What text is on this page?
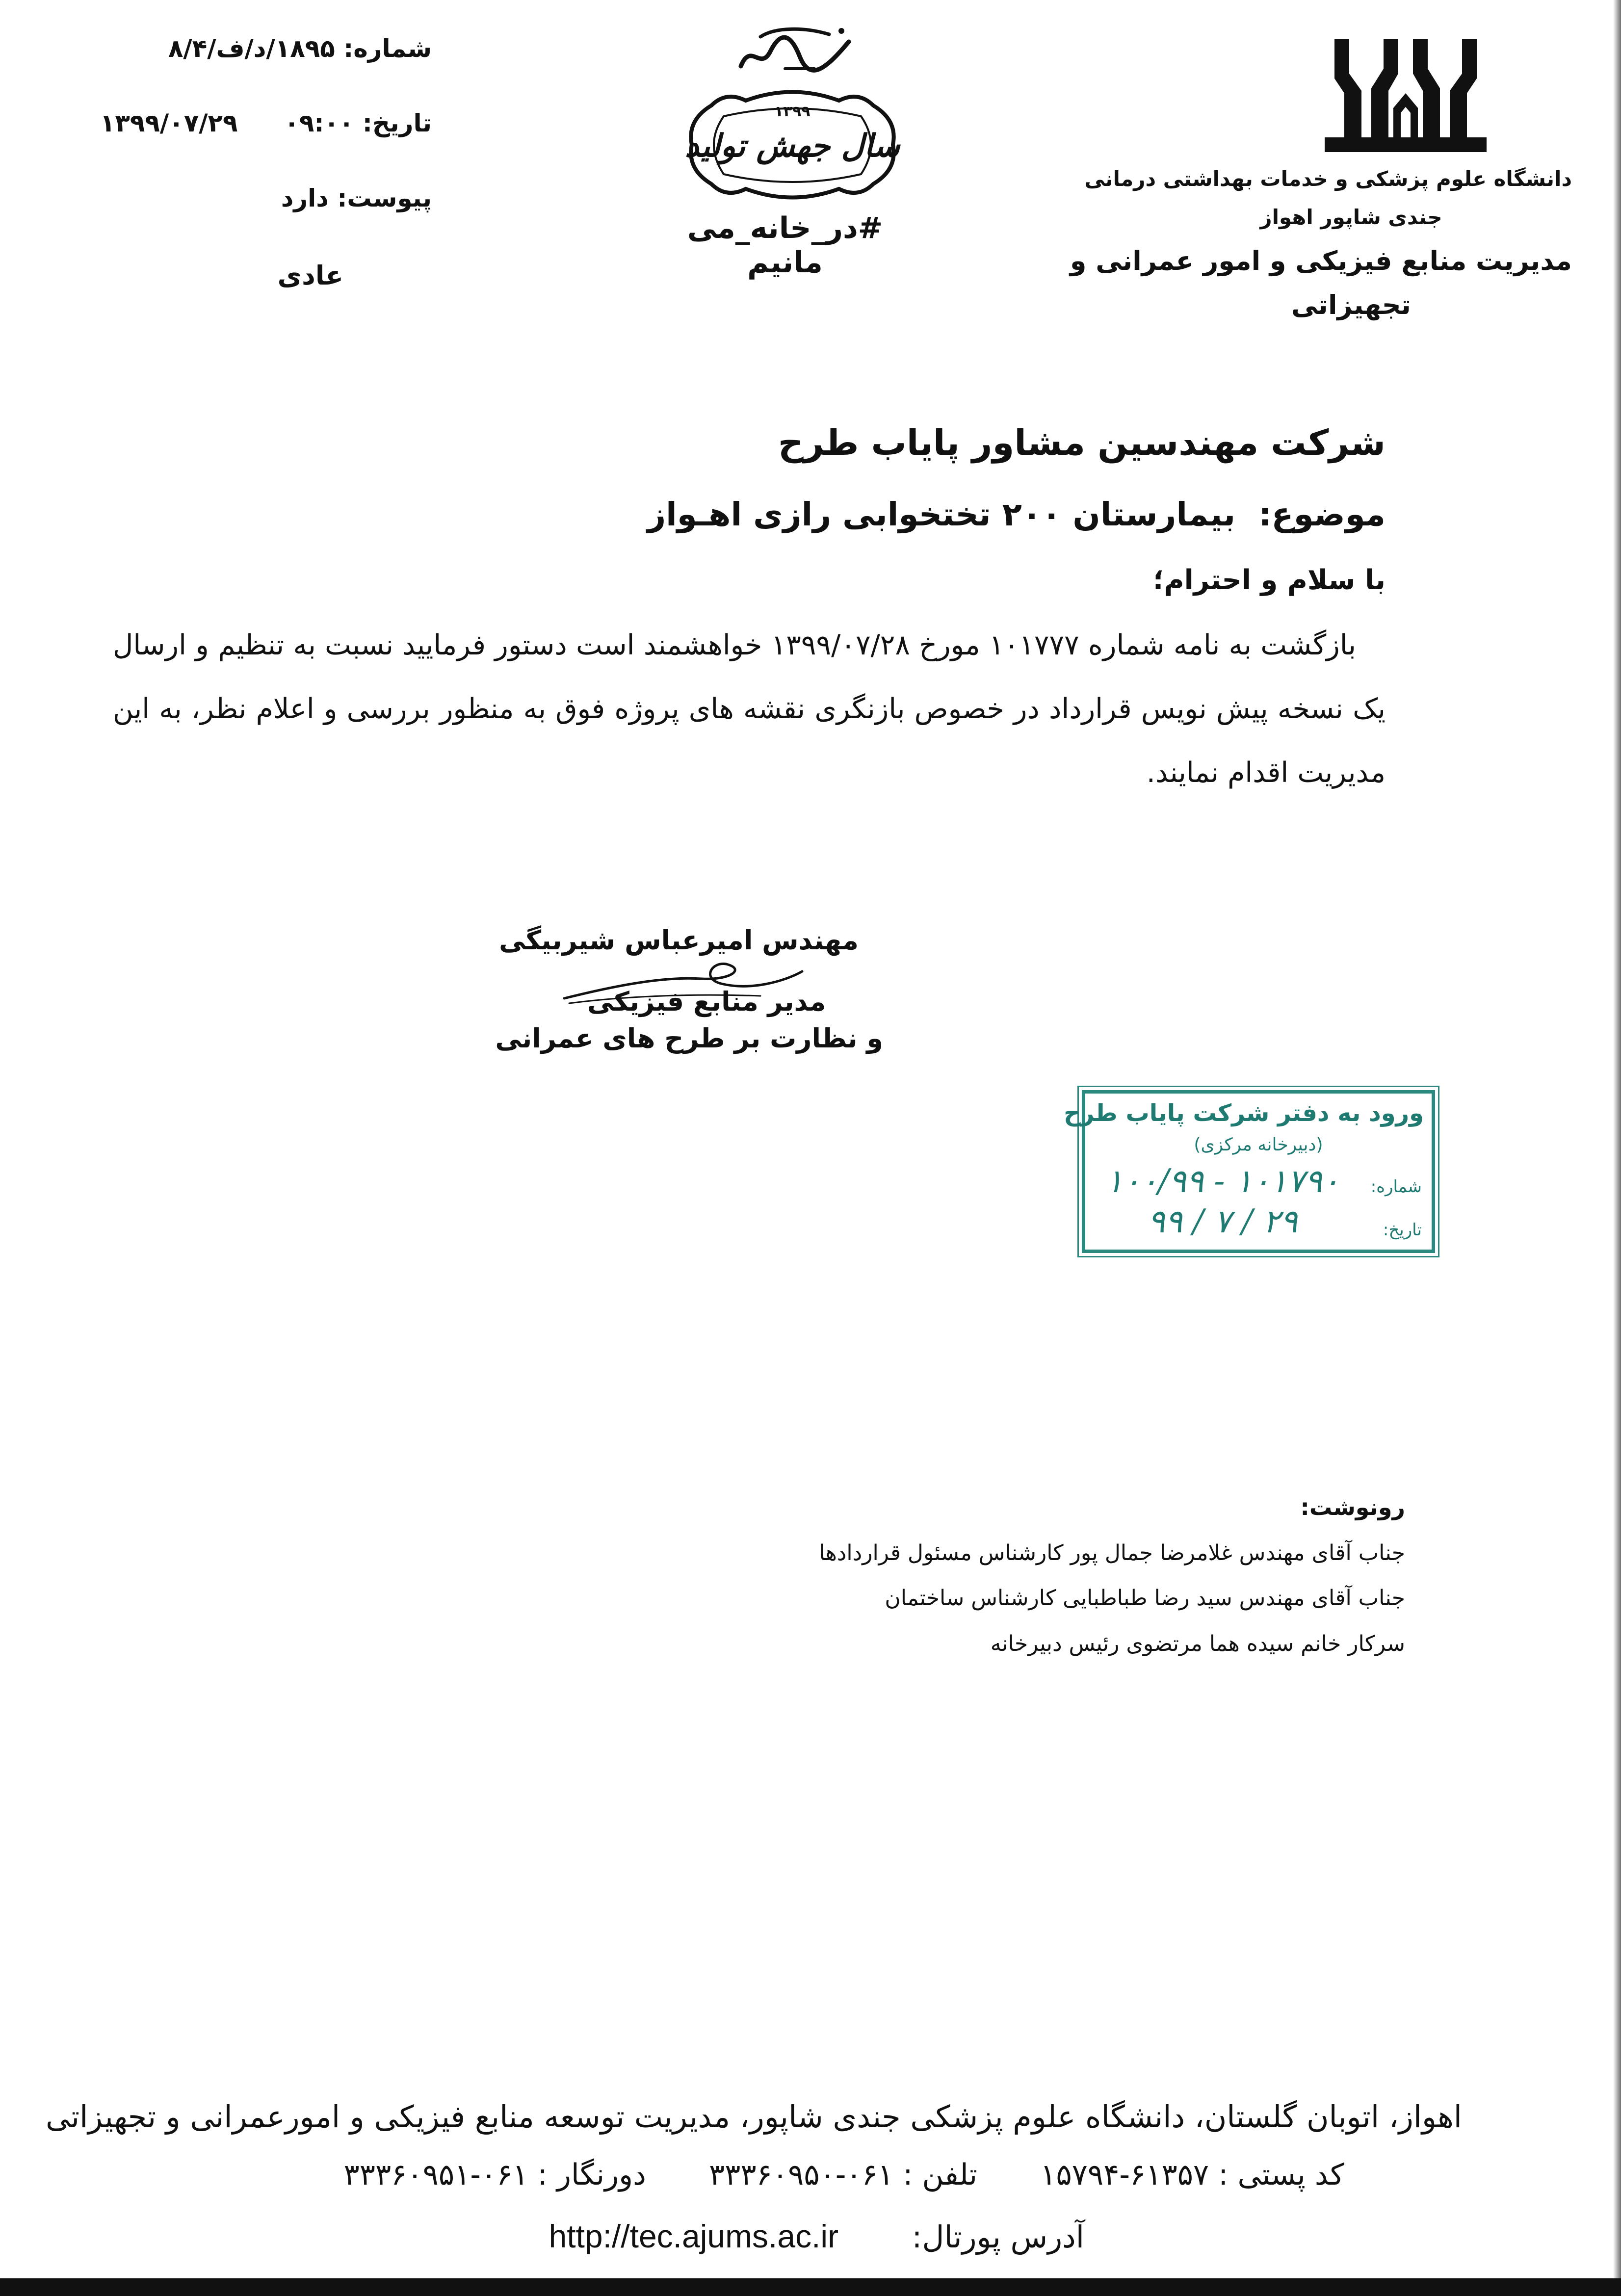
شماره: ۱۸۹۵/د/ف/۸/۴
تاریخ: ۰۹:۰۰  ۱۳۹۹/۰۷/۲۹
پیوست: دارد
عادی
۱۳۹۹
سال جهش تولید
#در_خانه_می مانیم
دانشگاه علوم پزشکی و خدمات بهداشتی درمانی
جندی شاپور اهواز
مدیریت منابع فیزیکی و امور عمرانی و
تجهیزاتی
شرکت مهندسین مشاور پایاب طرح
موضوع: بیمارستان ۲۰۰ تختخوابی رازی اهـواز
با سلام و احترام؛
بازگشت به نامه شماره ۱۰۱۷۷۷ مورخ ۱۳۹۹/۰۷/۲۸ خواهشمند است دستور فرمایید نسبت به تنظیم و ارسال یک نسخه پیش نویس قرارداد در خصوص بازنگری نقشه های پروژه فوق به منظور بررسی و اعلام نظر، به این مدیریت اقدام نمایند.
مهندس امیرعباس شیربیگی
مدیر منابع فیزیکی
و نظارت بر طرح های عمرانی
ورود به دفتر شرکت پایاب طرح
(دبیرخانه مرکزی)
شماره:
۱۰۰/۹۹ - ۱۰۱۷۹۰
تاریخ:
۹۹ / ۷ / ۲۹
رونوشت:
جناب آقای مهندس غلامرضا جمال پور کارشناس مسئول قراردادها
جناب آقای مهندس سید رضا طباطبایی کارشناس ساختمان
سرکار خانم سیده هما مرتضوی رئیس دبیرخانه
اهواز، اتوبان گلستان، دانشگاه علوم پزشکی جندی شاپور، مدیریت توسعه منابع فیزیکی و امورعمرانی و تجهیزاتی
کد پستی : ۶۱۳۵۷-۱۵۷۹۴  تلفن : ۰۶۱-۳۳۳۶۰۹۵۰  دورنگار : ۰۶۱-۳۳۳۶۰۹۵۱
آدرس پورتال:  http://tec.ajums.ac.ir
